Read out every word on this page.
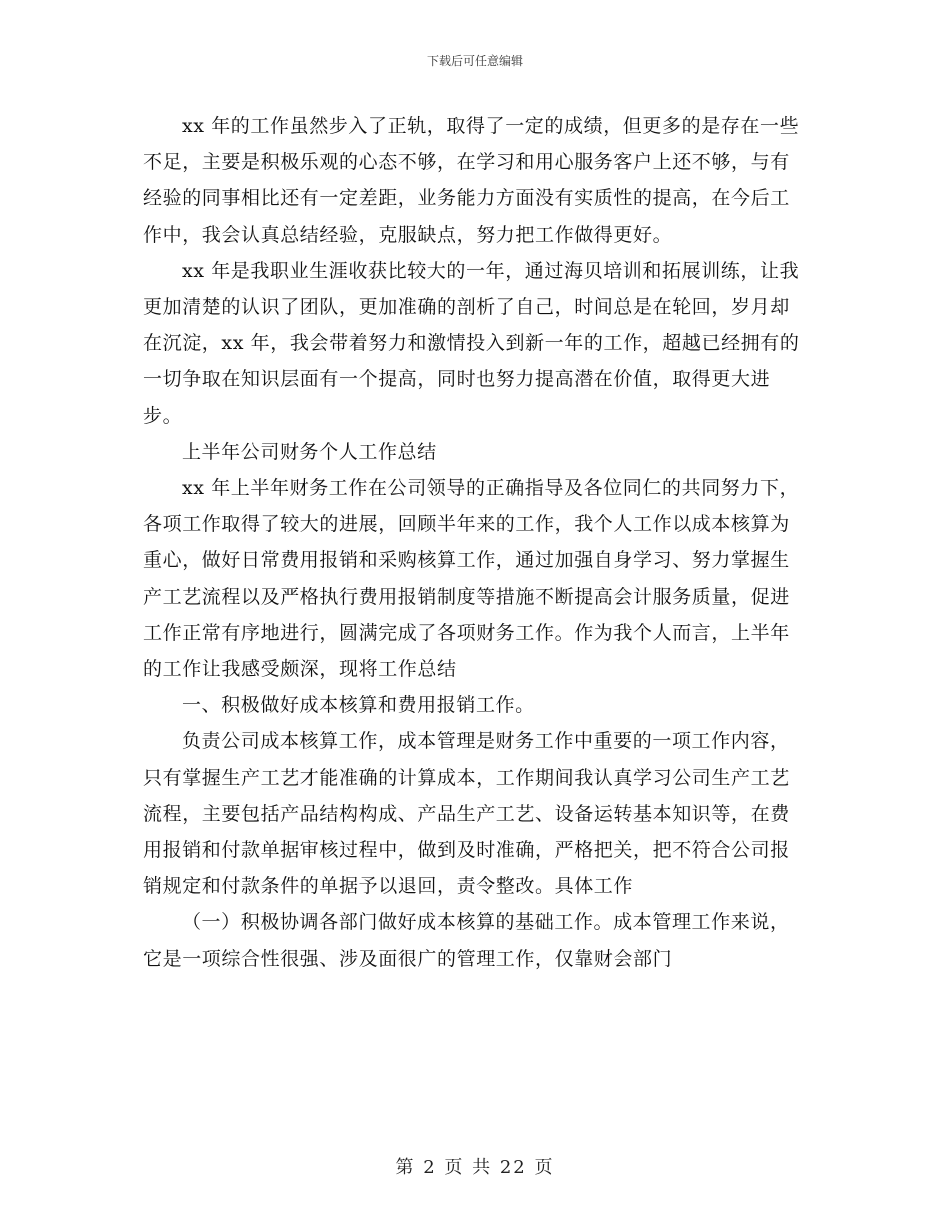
下载后可任意编辑

xx 年的工作虽然步入了正轨，取得了一定的成绩，但更多的是存在一些不足，主要是积极乐观的心态不够，在学习和用心服务客户上还不够，与有经验的同事相比还有一定差距，业务能力方面没有实质性的提高，在今后工作中，我会认真总结经验，克服缺点，努力把工作做得更好。

xx 年是我职业生涯收获比较大的一年，通过海贝培训和拓展训练，让我更加清楚的认识了团队，更加准确的剖析了自己，时间总是在轮回，岁月却在沉淀，xx 年，我会带着努力和激情投入到新一年的工作，超越已经拥有的一切争取在知识层面有一个提高，同时也努力提高潜在价值，取得更大进步。

上半年公司财务个人工作总结

xx 年上半年财务工作在公司领导的正确指导及各位同仁的共同努力下，各项工作取得了较大的进展，回顾半年来的工作，我个人工作以成本核算为重心，做好日常费用报销和采购核算工作，通过加强自身学习、努力掌握生产工艺流程以及严格执行费用报销制度等措施不断提高会计服务质量，促进工作正常有序地进行，圆满完成了各项财务工作。作为我个人而言，上半年的工作让我感受颇深，现将工作总结

一、积极做好成本核算和费用报销工作。

负责公司成本核算工作，成本管理是财务工作中重要的一项工作内容，只有掌握生产工艺才能准确的计算成本，工作期间我认真学习公司生产工艺流程，主要包括产品结构构成、产品生产工艺、设备运转基本知识等，在费用报销和付款单据审核过程中，做到及时准确，严格把关，把不符合公司报销规定和付款条件的单据予以退回，责令整改。具体工作

（一）积极协调各部门做好成本核算的基础工作。成本管理工作来说，它是一项综合性很强、涉及面很广的管理工作，仅靠财会部门

第 2 页 共 22 页
